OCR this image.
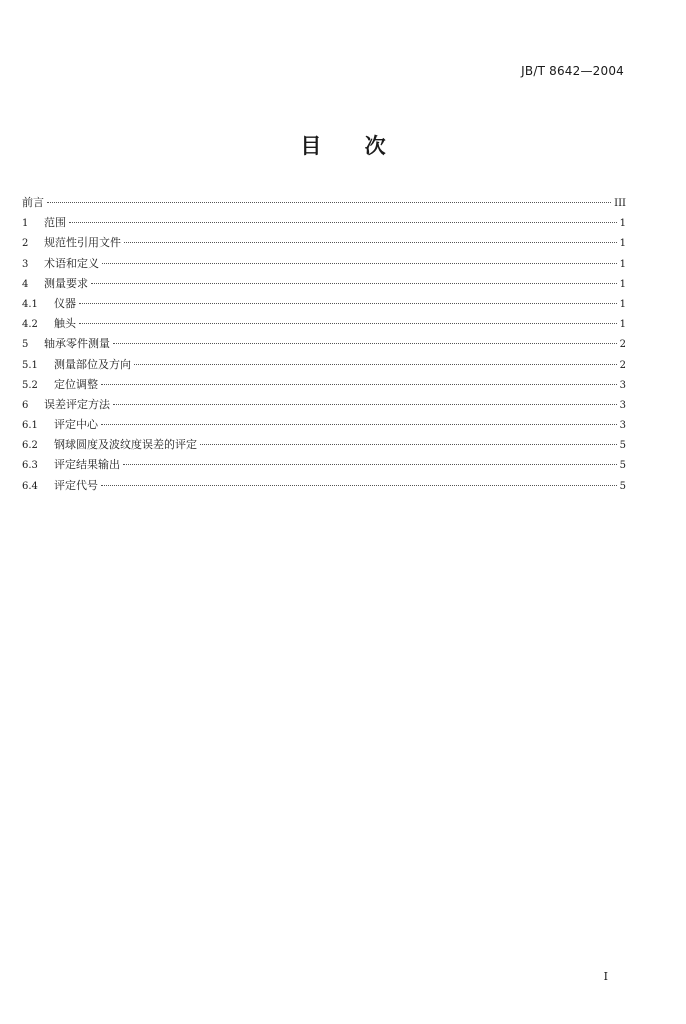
JB/T 8642—2004
目 次
前言	III
1	范围	1
2	规范性引用文件	1
3	术语和定义	1
4	测量要求	1
4.1	仪器	1
4.2	触头	1
5	轴承零件测量	2
5.1	测量部位及方向	2
5.2	定位调整	3
6	误差评定方法	3
6.1	评定中心	3
6.2	钢球圆度及波纹度误差的评定	5
6.3	评定结果输出	5
6.4	评定代号	5
I
